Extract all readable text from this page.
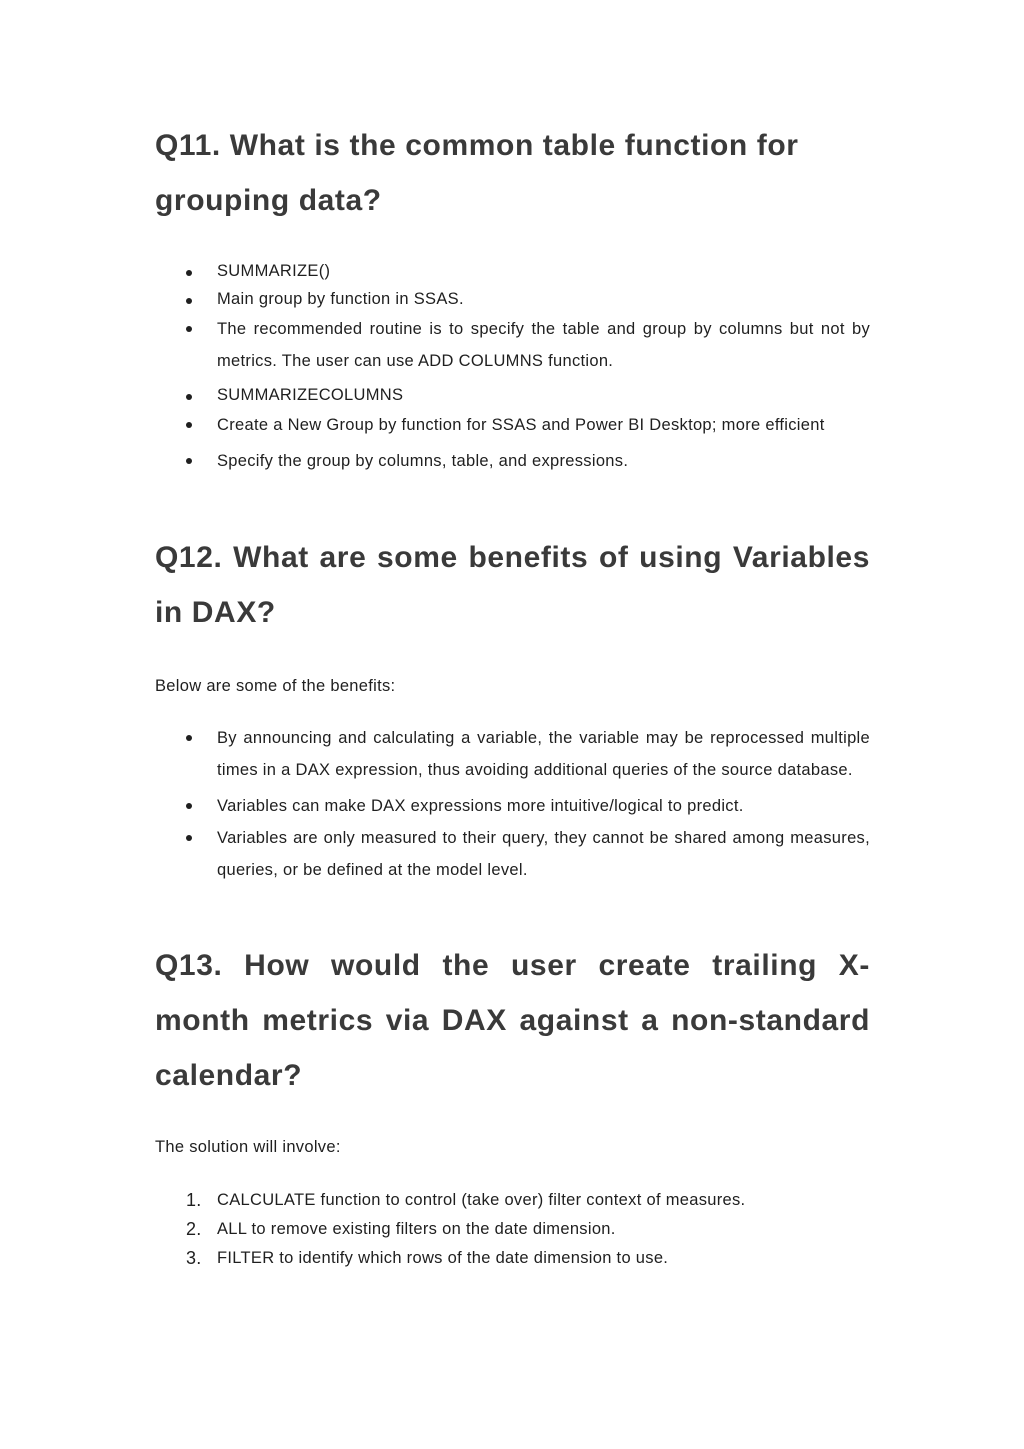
Q11. What is the common table function for grouping data?
SUMMARIZE()
Main group by function in SSAS.
The recommended routine is to specify the table and group by columns but not by metrics. The user can use ADD COLUMNS function.
SUMMARIZECOLUMNS
Create a New Group by function for SSAS and Power BI Desktop; more efficient
Specify the group by columns, table, and expressions.
Q12. What are some benefits of using Variables in DAX?

Below are some of the benefits:

By announcing and calculating a variable, the variable may be reprocessed multiple times in a DAX expression, thus avoiding additional queries of the source database.
Variables can make DAX expressions more intuitive/logical to predict.
Variables are only measured to their query, they cannot be shared among measures, queries, or be defined at the model level.
Q13. How would the user create trailing X-month metrics via DAX against a non-standard calendar?

The solution will involve:

1. CALCULATE function to control (take over) filter context of measures.
2. ALL to remove existing filters on the date dimension.
3. FILTER to identify which rows of the date dimension to use.
